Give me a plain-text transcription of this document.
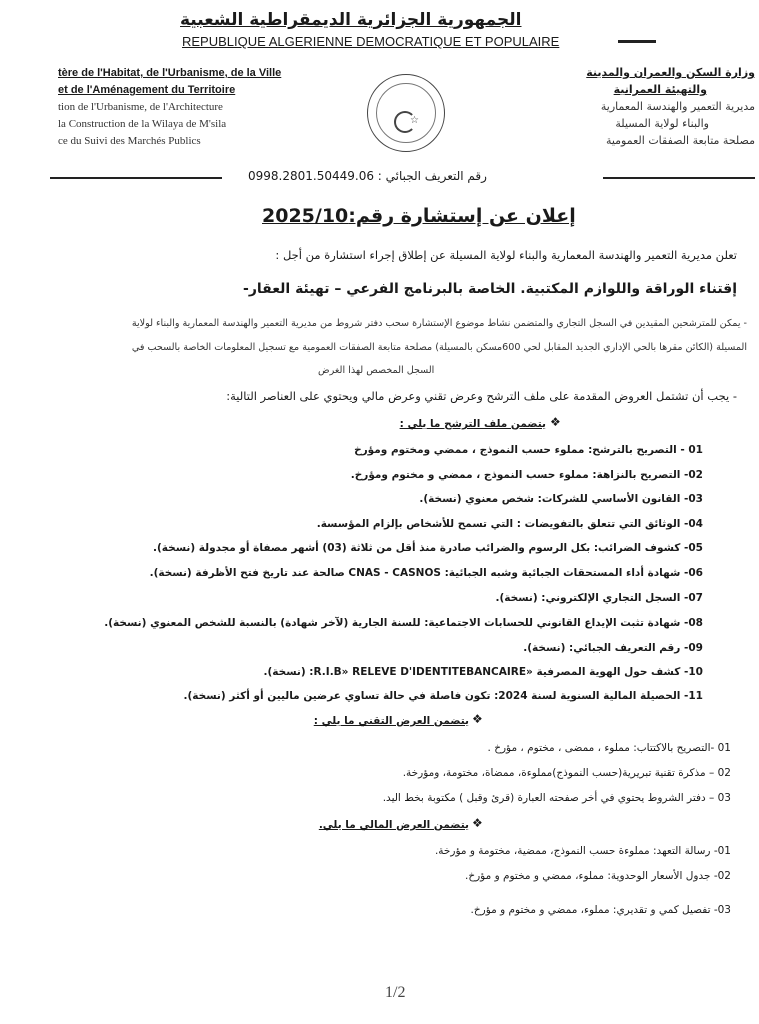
الجمهورية الجزائرية الديمقراطية الشعبية
REPUBLIQUE ALGERIENNE DEMOCRATIQUE ET POPULAIRE
tère de l'Habitat, de l'Urbanisme, de la Ville
et de l'Aménagement du Territoire
tion de l'Urbanisme, de l'Architecture
la Construction de la Wilaya de M'sila
ce du Suivi des Marchés Publics
☆
وزارة السكن والعمران والمدينة
والتهيئة العمرانية
مديرية التعمير والهندسة المعمارية
والبناء لولاية المسيلة
مصلحة متابعة الصفقات العمومية
رقم التعريف الجبائي : 0998.2801.50449.06
إعلان عن إستشارة رقم:2025/10
تعلن مديرية التعمير والهندسة المعمارية والبناء لولاية المسيلة عن إطلاق إجراء استشارة من أجل :
إقتناء الوراقة واللوازم المكتبية. الخاصة بالبرنامج الفرعي – تهيئة العقار-
- يمكن للمترشحين المقيدين في السجل التجاري والمتضمن نشاط موضوع الإستشارة سحب دفتر شروط من مديرية التعمير والهندسة المعمارية والبناء لولاية
المسيلة (الكائن مقرها بالحي الإداري الجديد المقابل لحي 600مسكن بالمسيلة) مصلحة متابعة الصفقات العمومية مع تسجيل المعلومات الخاصة بالسحب في
السجل المخصص لهذا الغرض
- يجب أن تشتمل العروض المقدمة على ملف الترشح وعرض تقني وعرض مالي ويحتوي على العناصر التالية:
يتضمن ملف الترشح ما يلي : ❖
01 - التصريح بالترشح: مملوء حسب النموذج ، ممضي ومختوم ومؤرخ
02- التصريح بالنزاهة: مملوء حسب النموذج ، ممضي و مختوم ومؤرخ.
03- القانون الأساسي للشركات: شخص معنوي (نسخة).
04- الوثائق التي تتعلق بالتفويضات : التي تسمح للأشخاص بإلزام المؤسسة.
05- كشوف الضرائب: بكل الرسوم والضرائب صادرة منذ أقل من ثلاثة (03) أشهر مصفاة أو مجدولة (نسخة).
06- شهادة أداء المستحقات الجبائية وشبه الجبائية: CNAS - CASNOS صالحة عند تاريخ فتح الأظرفة (نسخة).
07- السجل التجاري الإلكتروني: (نسخة).
08- شهادة تثبت الإيداع القانوني للحسابات الاجتماعية: للسنة الجارية (لآخر شهادة) بالنسبة للشخص المعنوي (نسخة).
09- رقم التعريف الجبائي: (نسخة).
10- كشف حول الهوية المصرفية «R.I.B» RELEVE D'IDENTITEBANCAIRE: (نسخة).
11- الحصيلة المالية السنوية لسنة 2024: تكون فاصلة في حالة تساوي عرضين ماليين أو أكثر (نسخة).
يتضمن العرض التقني ما يلي : ❖
01 -التصريح بالاكتتاب: مملوء ، ممضى ، مختوم ، مؤرخ .
02 – مذكرة تقنية تبريرية(حسب النموذج)مملوءة، ممضاة، مختومة، ومؤرخة.
03 – دفتر الشروط يحتوي في أخر صفحته العبارة (قرئ وقبل ) مكتوبة بخط اليد.
يتضمن العرض المالي ما يلي. ❖
01- رسالة التعهد: مملوءة حسب النموذج، ممضية، مختومة و مؤرخة.
02- جدول الأسعار الوحدوية: مملوء، ممضي و مختوم و مؤرخ.
03- تفصيل كمي و تقديري: مملوء، ممضي و مختوم و مؤرخ.
1/2
